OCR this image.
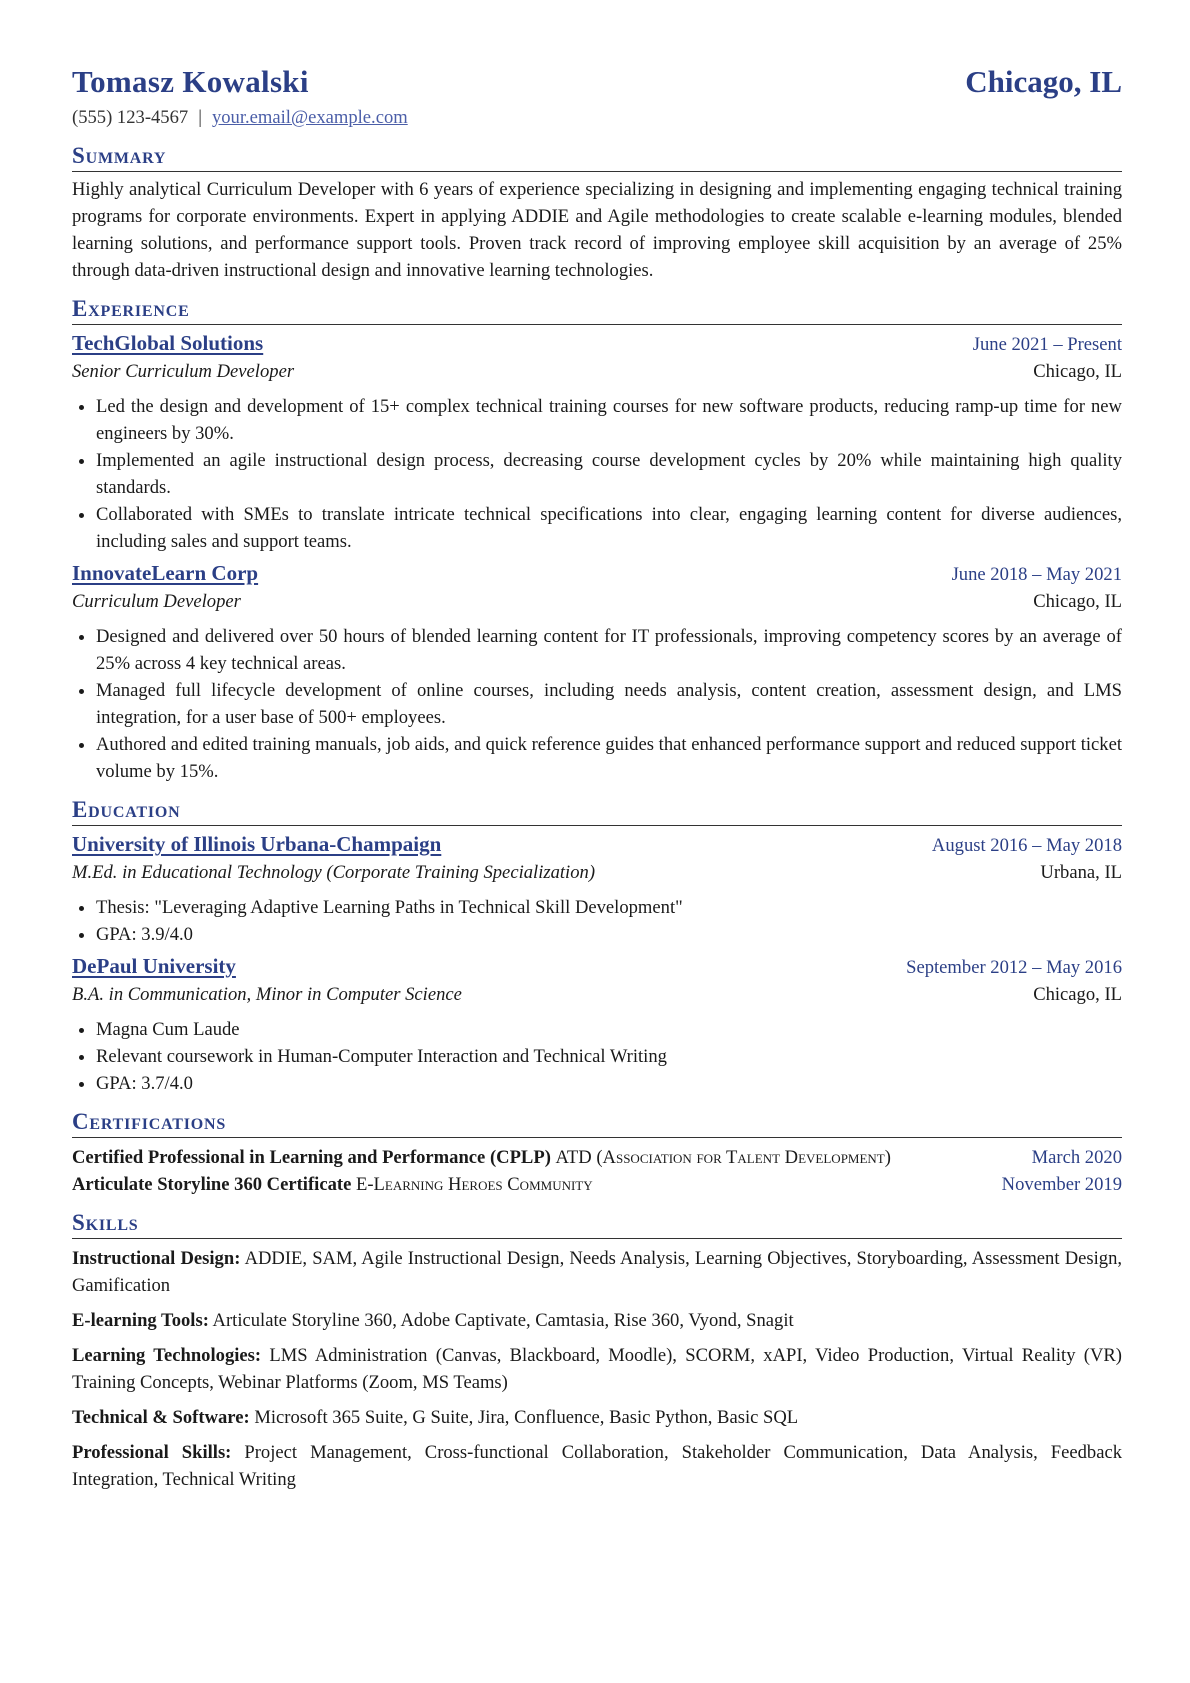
Tomasz Kowalski	Chicago, IL
(555) 123-4567 | your.email@example.com
Summary
Highly analytical Curriculum Developer with 6 years of experience specializing in designing and implementing engaging technical training programs for corporate environments. Expert in applying ADDIE and Agile methodologies to create scalable e-learning modules, blended learning solutions, and performance support tools. Proven track record of improving employee skill acquisition by an average of 25% through data-driven instructional design and innovative learning technologies.
Experience
TechGlobal Solutions	June 2021 – Present
Senior Curriculum Developer	Chicago, IL
• Led the design and development of 15+ complex technical training courses for new software products, reducing ramp-up time for new engineers by 30%.
• Implemented an agile instructional design process, decreasing course development cycles by 20% while maintaining high quality standards.
• Collaborated with SMEs to translate intricate technical specifications into clear, engaging learning content for diverse audiences, including sales and support teams.
InnovateLearn Corp	June 2018 – May 2021
Curriculum Developer	Chicago, IL
• Designed and delivered over 50 hours of blended learning content for IT professionals, improving competency scores by an average of 25% across 4 key technical areas.
• Managed full lifecycle development of online courses, including needs analysis, content creation, assessment design, and LMS integration, for a user base of 500+ employees.
• Authored and edited training manuals, job aids, and quick reference guides that enhanced performance support and reduced support ticket volume by 15%.
Education
University of Illinois Urbana-Champaign	August 2016 – May 2018
M.Ed. in Educational Technology (Corporate Training Specialization)	Urbana, IL
• Thesis: "Leveraging Adaptive Learning Paths in Technical Skill Development"
• GPA: 3.9/4.0
DePaul University	September 2012 – May 2016
B.A. in Communication, Minor in Computer Science	Chicago, IL
• Magna Cum Laude
• Relevant coursework in Human-Computer Interaction and Technical Writing
• GPA: 3.7/4.0
Certifications
Certified Professional in Learning and Performance (CPLP) ATD (Association for Talent Development)	March 2020
Articulate Storyline 360 Certificate E-Learning Heroes Community	November 2019
Skills
Instructional Design: ADDIE, SAM, Agile Instructional Design, Needs Analysis, Learning Objectives, Storyboarding, Assessment Design, Gamification
E-learning Tools: Articulate Storyline 360, Adobe Captivate, Camtasia, Rise 360, Vyond, Snagit
Learning Technologies: LMS Administration (Canvas, Blackboard, Moodle), SCORM, xAPI, Video Production, Virtual Reality (VR) Training Concepts, Webinar Platforms (Zoom, MS Teams)
Technical & Software: Microsoft 365 Suite, G Suite, Jira, Confluence, Basic Python, Basic SQL
Professional Skills: Project Management, Cross-functional Collaboration, Stakeholder Communication, Data Analysis, Feedback Integration, Technical Writing
